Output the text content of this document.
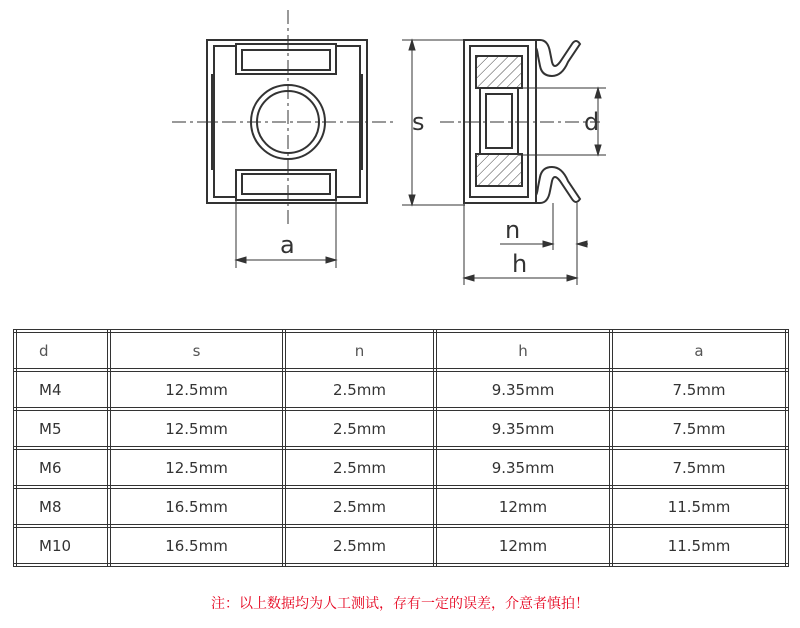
a
s	d
n
h
d	s	n	h	a
M4	12.5mm	2.5mm	9.35mm	7.5mm
M5	12.5mm	2.5mm	9.35mm	7.5mm
M6	12.5mm	2.5mm	9.35mm	7.5mm
M8	16.5mm	2.5mm	12mm	11.5mm
M10	16.5mm	2.5mm	12mm	11.5mm
注：以上数据均为人工测试，存有一定的误差，介意者慎拍！
